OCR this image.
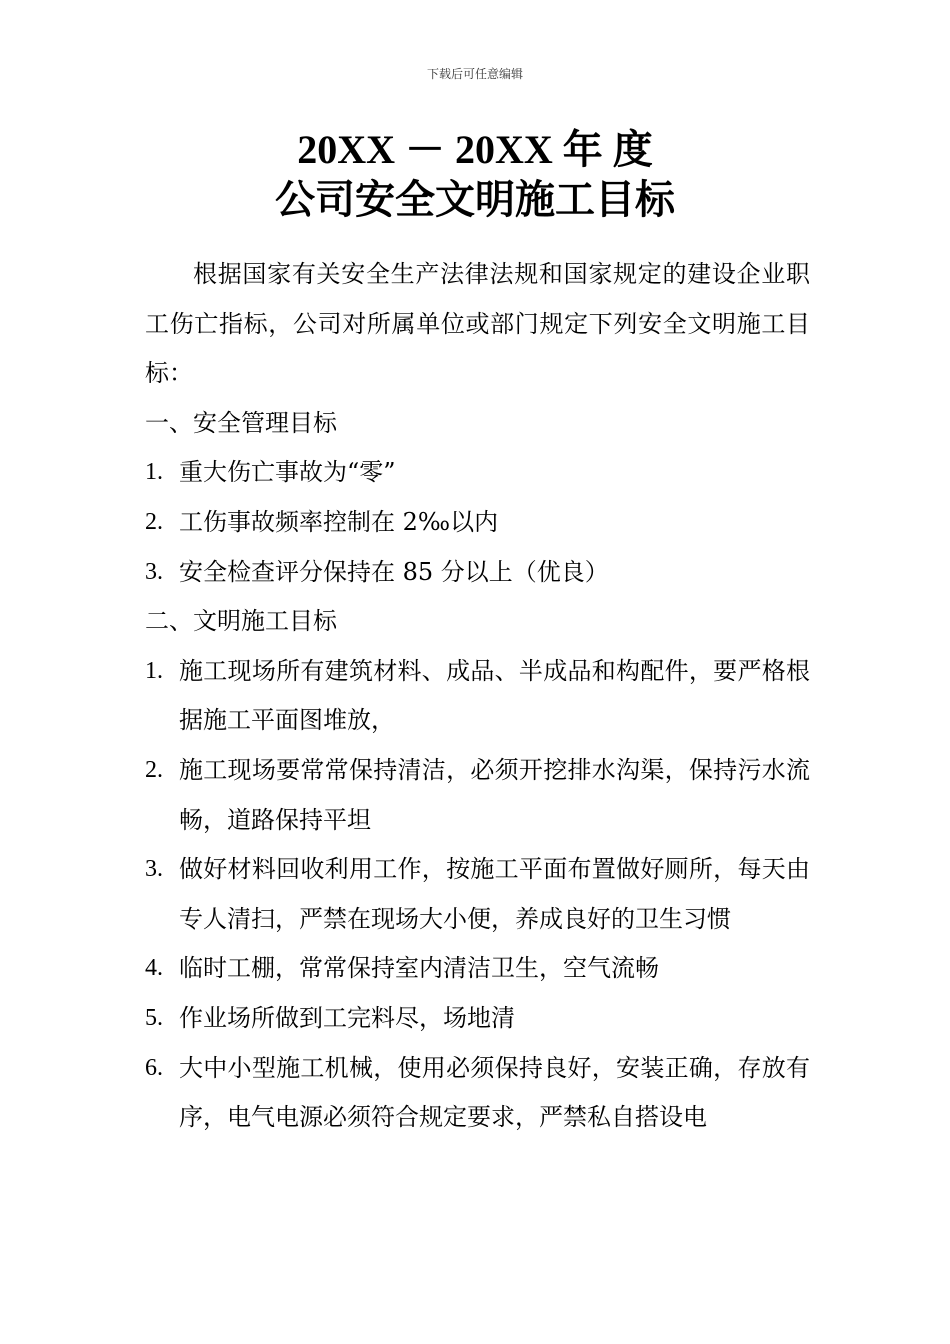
下载后可任意编辑
20XX － 20XX 年 度
公司安全文明施工目标

根据国家有关安全生产法律法规和国家规定的建设企业职工伤亡指标，公司对所属单位或部门规定下列安全文明施工目标：

一、安全管理目标

1. 重大伤亡事故为“零”
2. 工伤事故频率控制在 2‰以内
3. 安全检查评分保持在 85 分以上（优良）

二、文明施工目标

1. 施工现场所有建筑材料、成品、半成品和构配件，要严格根据施工平面图堆放，
2. 施工现场要常常保持清洁，必须开挖排水沟渠，保持污水流畅，道路保持平坦
3. 做好材料回收利用工作，按施工平面布置做好厕所，每天由专人清扫，严禁在现场大小便，养成良好的卫生习惯
4. 临时工棚，常常保持室内清洁卫生，空气流畅
5. 作业场所做到工完料尽，场地清
6. 大中小型施工机械，使用必须保持良好，安装正确，存放有序，电气电源必须符合规定要求，严禁私自搭设电
